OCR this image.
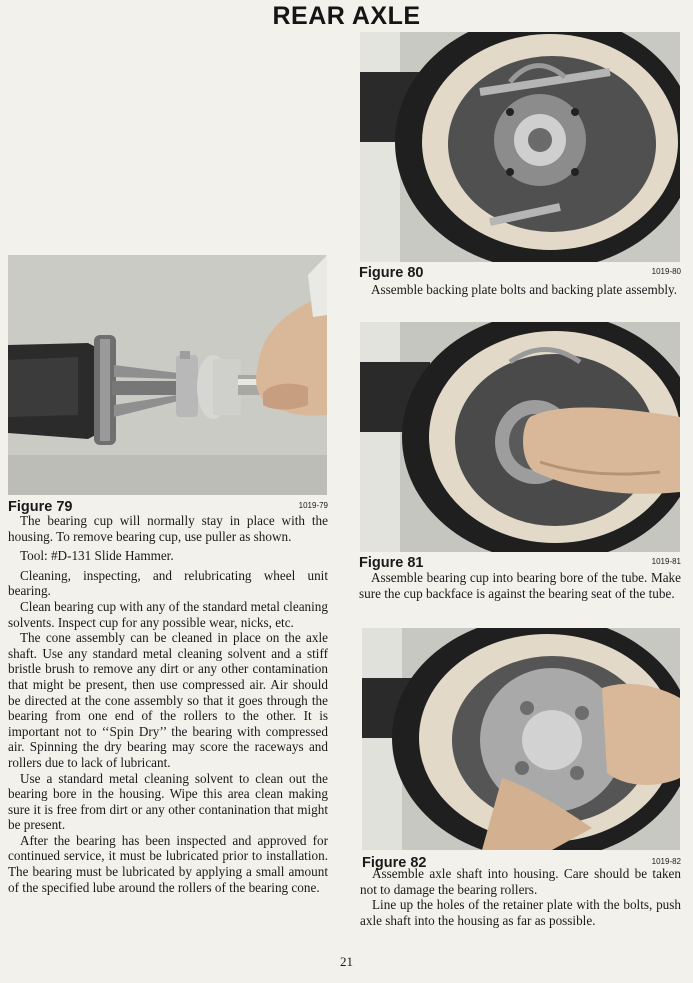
REAR AXLE
Figure 79	1019-79

The bearing cup will normally stay in place with the housing. To remove bearing cup, use puller as shown.

Tool: #D-131 Slide Hammer.

Cleaning, inspecting, and relubricating wheel unit bearing.

Clean bearing cup with any of the standard metal cleaning solvents. Inspect cup for any possible wear, nicks, etc.

The cone assembly can be cleaned in place on the axle shaft. Use any standard metal cleaning solvent and a stiff bristle brush to remove any dirt or any other contamination that might be present, then use compressed air. Air should be directed at the cone assembly so that it goes through the bearing from one end of the rollers to the other. It is important not to ‘‘Spin Dry’’ the bearing with compressed air. Spinning the dry bearing may score the raceways and rollers due to lack of lubricant.

Use a standard metal cleaning solvent to clean out the bearing bore in the housing. Wipe this area clean making sure it is free from dirt or any other contanination that might be present.

After the bearing has been inspected and approved for continued service, it must be lubricated prior to installation. The bearing must be lubricated by applying a small amount of the specified lube around the rollers of the bearing cone.

Figure 80	1019-80

Assemble backing plate bolts and backing plate assembly.

Figure 81	1019-81

Assemble bearing cup into bearing bore of the tube. Make sure the cup backface is against the bearing seat of the tube.

Figure 82	1019-82

Assemble axle shaft into housing. Care should be taken not to damage the bearing rollers.

Line up the holes of the retainer plate with the bolts, push axle shaft into the housing as far as possible.

21
